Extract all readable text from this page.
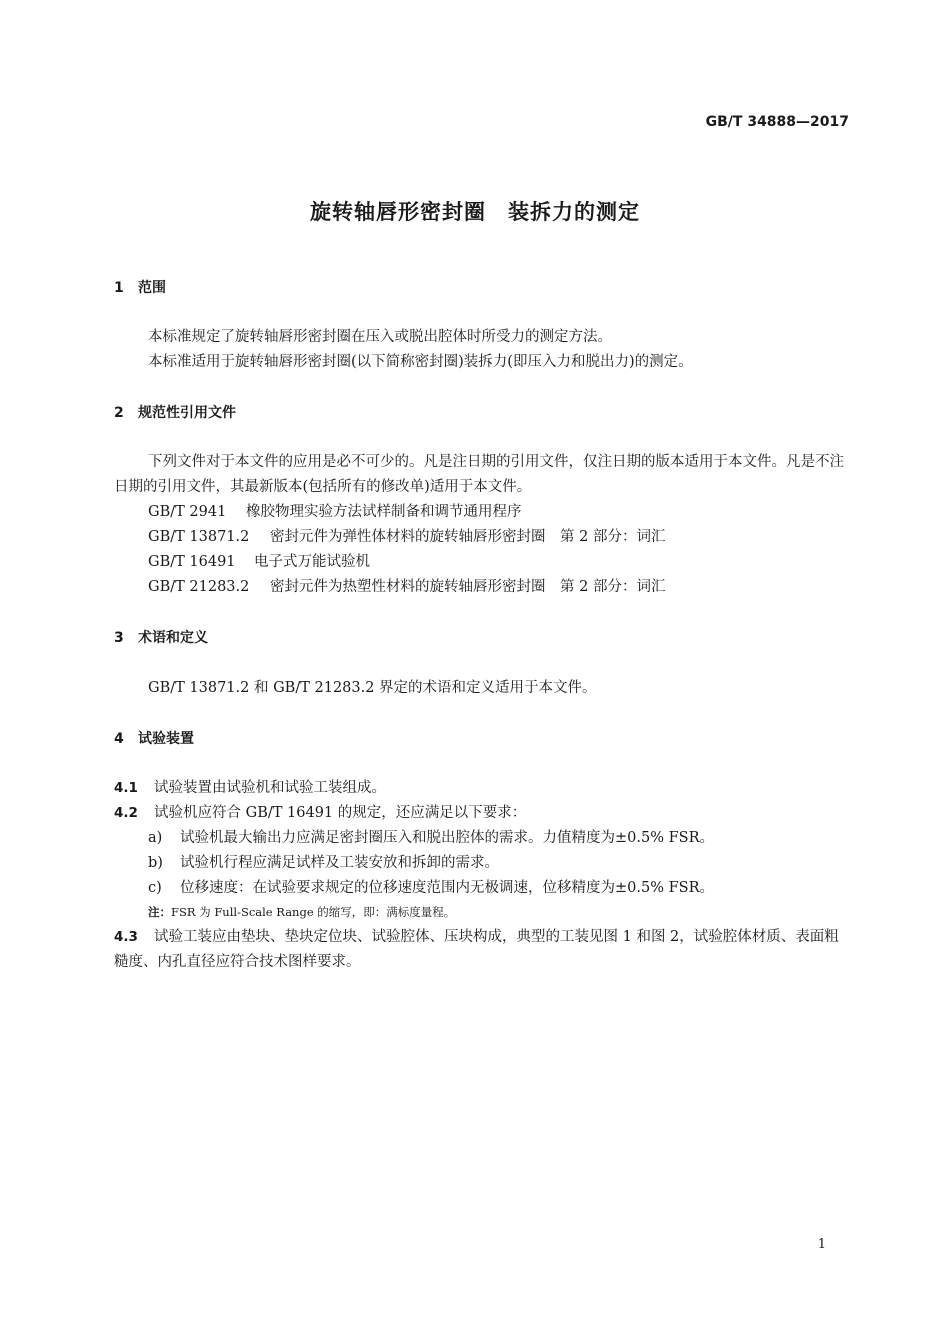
GB/T 34888—2017
旋转轴唇形密封圈　装拆力的测定
1 范围
本标准规定了旋转轴唇形密封圈在压入或脱出腔体时所受力的测定方法。
本标准适用于旋转轴唇形密封圈(以下简称密封圈)装拆力(即压入力和脱出力)的测定。
2 规范性引用文件
下列文件对于本文件的应用是必不可少的。凡是注日期的引用文件，仅注日期的版本适用于本文件。凡是不注日期的引用文件，其最新版本(包括所有的修改单)适用于本文件。
GB/T 2941 橡胶物理实验方法试样制备和调节通用程序
GB/T 13871.2 密封元件为弹性体材料的旋转轴唇形密封圈　第 2 部分：词汇
GB/T 16491 电子式万能试验机
GB/T 21283.2 密封元件为热塑性材料的旋转轴唇形密封圈　第 2 部分：词汇
3 术语和定义
GB/T 13871.2 和 GB/T 21283.2 界定的术语和定义适用于本文件。
4 试验装置
4.1 试验装置由试验机和试验工装组成。
4.2 试验机应符合 GB/T 16491 的规定，还应满足以下要求：
a) 试验机最大输出力应满足密封圈压入和脱出腔体的需求。力值精度为±0.5% FSR。
b) 试验机行程应满足试样及工装安放和拆卸的需求。
c) 位移速度：在试验要求规定的位移速度范围内无极调速，位移精度为±0.5% FSR。
注：FSR 为 Full-Scale Range 的缩写，即：满标度量程。
4.3 试验工装应由垫块、垫块定位块、试验腔体、压块构成，典型的工装见图 1 和图 2，试验腔体材质、表面粗糙度、内孔直径应符合技术图样要求。
1
